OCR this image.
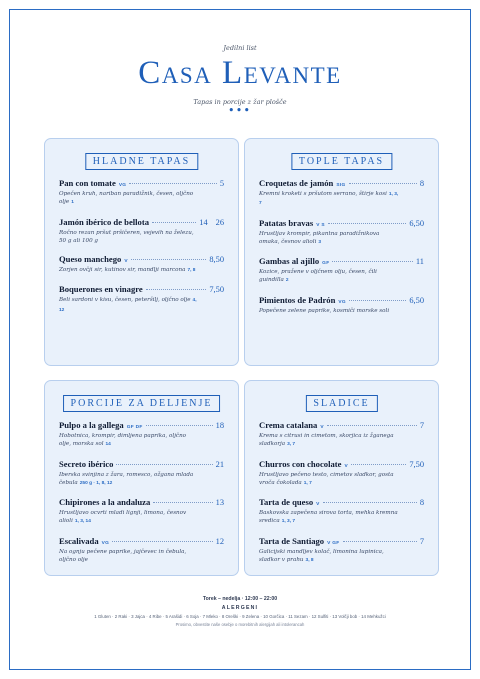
Jedilni list
Casa Levante
Tapas in porcije z žar plošče
•••
HLADNE TAPAS
Pan con tomate VG	5
Opečen kruh, nariban paradižnik, česen, oljčno olje 1
Jamón ibérico de bellota	14 26
Ročno rezan pršut pršičeren, vejevih na železu, 50 g ali 100 g
Queso manchego V	8,50
Zorjen ovčji sir, kutinov sir, mandlji marcona 7, 8
Boquerones en vinagre	7,50
Beli sardoni v kisu, česen, peteršilj, oljčno olje 4, 12
TOPLE TAPAS
Croquetas de jamón SIG	8
Kremni kroketi s pršutom serrano, štirje kosi 1, 3, 7
Patatas bravas V S	6,50
Hrustljav krompir, pikantna paradižnikova omaka, česnov alioli 3
Gambas al ajillo GF	11
Kozice, pražene v oljčnem olju, česen, čili guindilla 2
Pimientos de Padrón VG	6,50
Popečene zelene paprike, kosmiči morske soli
PORCIJE ZA DELJENJE
Pulpo a la gallega GF DF	18
Hobotnica, krompir, dimljena paprika, oljčno olje, morska sol 14
Secreto ibérico	21
Iberska svinjina z žara, romesco, ožgana mlada čebula 250 g · 1, 8, 12
Chipirones a la andaluza	13
Hrustljavo ocvrti mladi lignji, limona, česnov alioli 1, 3, 14
Escalivada VG	12
Na ognju pečene paprike, jajčevec in čebula, oljčno olje
SLADICE
Crema catalana V	7
Krema s citrusi in cimetom, skorjica iz žganega sladkorja 3, 7
Churros con chocolate V	7,50
Hrustljavo pečeno testo, cimetov sladkor, gosta vroča čokolada 1, 7
Tarta de queso V	8
Baskovska zapečena sirova torta, mehka kremna sredica 1, 3, 7
Tarta de Santiago V GF	7
Galicijski mandljev kolač, limonina lupinica, sladkor v prahu 3, 8
Torek – nedelja · 12:00 – 22:00
ALERGENI
1 Gluten · 2 Raki · 3 Jajca · 4 Ribe · 5 Arašidi · 6 Soja · 7 Mleko · 8 Oreški · 9 Zelena · 10 Gorčica · 11 Sezam · 12 Sulfiti · 13 Volčji bob · 14 Mehkužci
Prosimo, obvestite naše osebje o morebitnih alergijah ali intolerancah
